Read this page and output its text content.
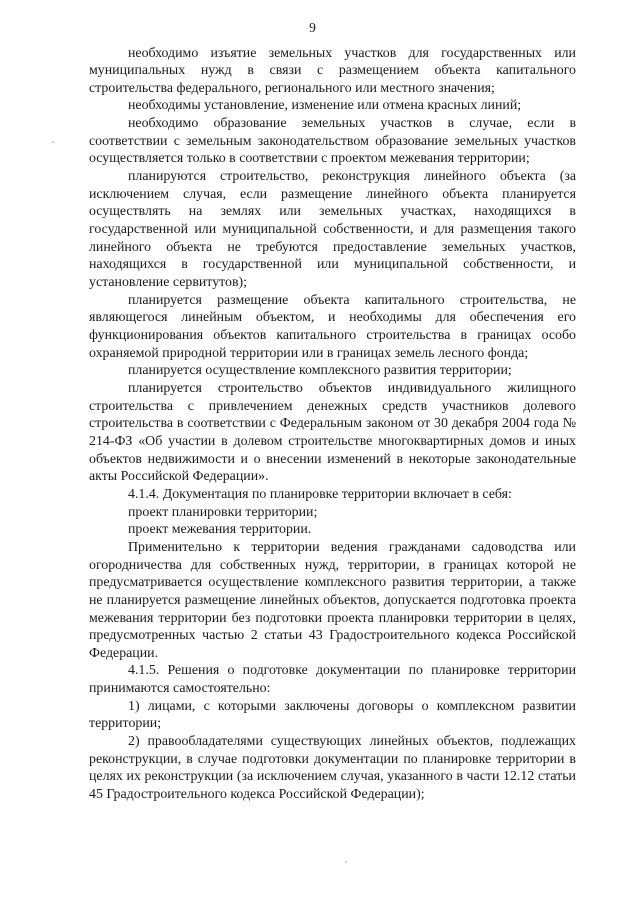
9

необходимо изъятие земельных участков для государственных или муниципальных нужд в связи с размещением объекта капитального строительства федерального, регионального или местного значения;

необходимы установление, изменение или отмена красных линий;

необходимо образование земельных участков в случае, если в соответствии с земельным законодательством образование земельных участков осуществляется только в соответствии с проектом межевания территории;

планируются строительство, реконструкция линейного объекта (за исключением случая, если размещение линейного объекта планируется осуществлять на землях или земельных участках, находящихся в государственной или муниципальной собственности, и для размещения такого линейного объекта не требуются предоставление земельных участков, находящихся в государственной или муниципальной собственности, и установление сервитутов);

планируется размещение объекта капитального строительства, не являющегося линейным объектом, и необходимы для обеспечения его функционирования объектов капитального строительства в границах особо охраняемой природной территории или в границах земель лесного фонда;

планируется осуществление комплексного развития территории;

планируется строительство объектов индивидуального жилищного строительства с привлечением денежных средств участников долевого строительства в соответствии с Федеральным законом от 30 декабря 2004 года № 214-ФЗ «Об участии в долевом строительстве многоквартирных домов и иных объектов недвижимости и о внесении изменений в некоторые законодательные акты Российской Федерации».

4.1.4. Документация по планировке территории включает в себя:

проект планировки территории;

проект межевания территории.

Применительно к территории ведения гражданами садоводства или огородничества для собственных нужд, территории, в границах которой не предусматривается осуществление комплексного развития территории, а также не планируется размещение линейных объектов, допускается подготовка проекта межевания территории без подготовки проекта планировки территории в целях, предусмотренных частью 2 статьи 43 Градостроительного кодекса Российской Федерации.

4.1.5. Решения о подготовке документации по планировке территории принимаются самостоятельно:

1) лицами, с которыми заключены договоры о комплексном развитии территории;

2) правообладателями существующих линейных объектов, подлежащих реконструкции, в случае подготовки документации по планировке территории в целях их реконструкции (за исключением случая, указанного в части 12.12 статьи 45 Градостроительного кодекса Российской Федерации);
